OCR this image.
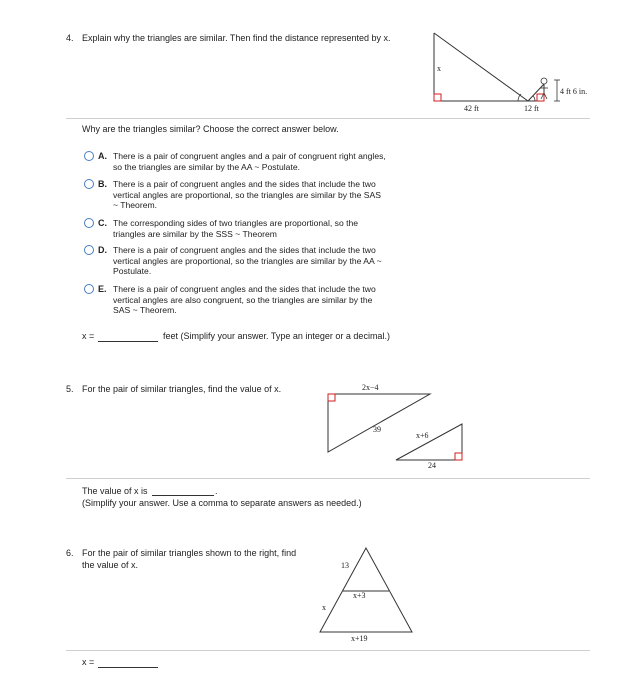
4. Explain why the triangles are similar. Then find the distance represented by x.
x
42 ft	12 ft
4 ft 6 in.
Why are the triangles similar? Choose the correct answer below.
A. There is a pair of congruent angles and a pair of congruent right angles,
so the triangles are similar by the AA ~ Postulate.
B. There is a pair of congruent angles and the sides that include the two
vertical angles are proportional, so the triangles are similar by the SAS
~ Theorem.
C. The corresponding sides of two triangles are proportional, so the
triangles are similar by the SSS ~ Theorem
D. There is a pair of congruent angles and the sides that include the two
vertical angles are proportional, so the triangles are similar by the AA ~
Postulate.
E. There is a pair of congruent angles and the sides that include the two
vertical angles are also congruent, so the triangles are similar by the
SAS ~ Theorem.
x =	feet (Simplify your answer. Type an integer or a decimal.)
5. For the pair of similar triangles, find the value of x.	2x−4
39
x+6
24
The value of x is	.
(Simplify your answer. Use a comma to separate answers as needed.)
6. For the pair of similar triangles shown to the right, find
the value of x.	13
x
x+3
x+19
x =
